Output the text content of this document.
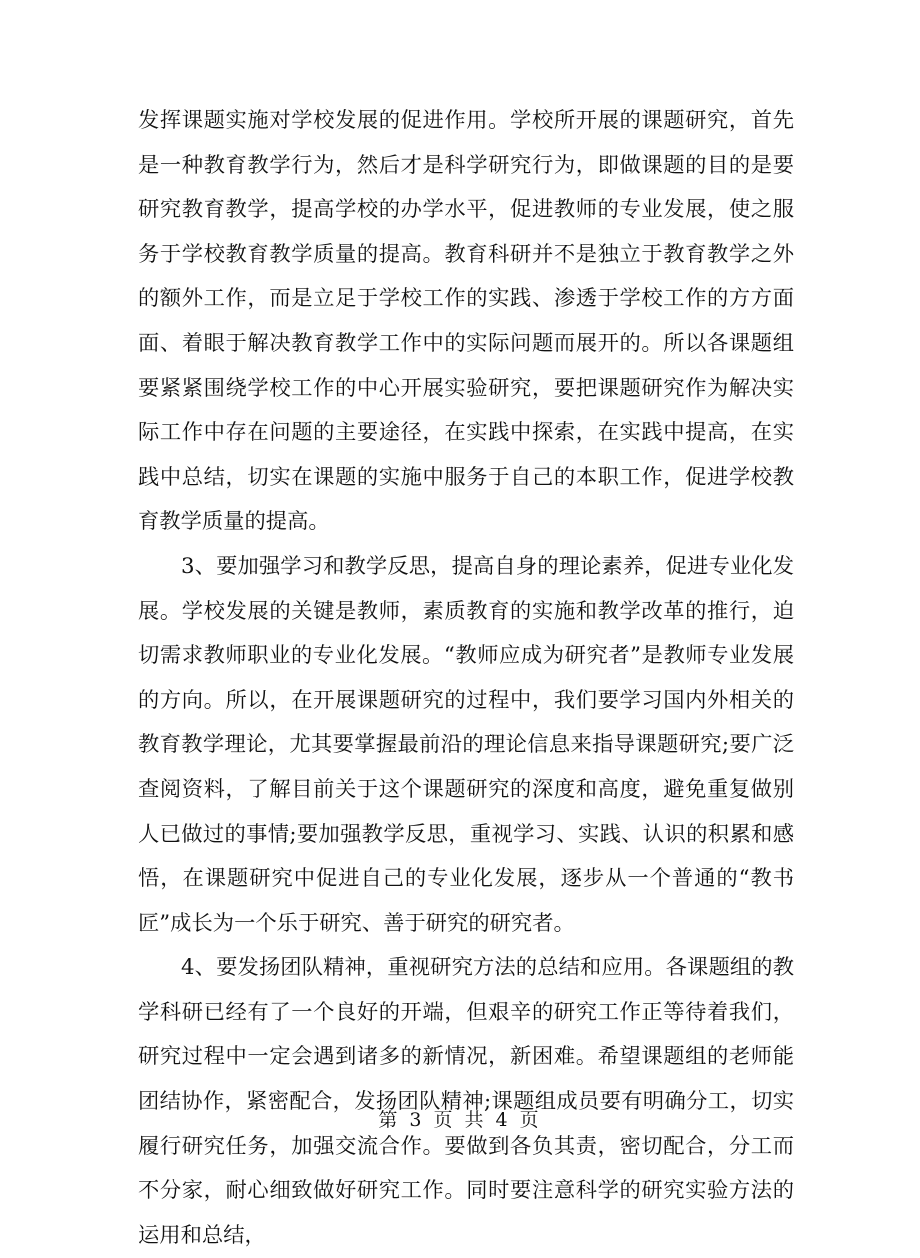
发挥课题实施对学校发展的促进作用。学校所开展的课题研究，首先是一种教育教学行为，然后才是科学研究行为，即做课题的目的是要研究教育教学，提高学校的办学水平，促进教师的专业发展，使之服务于学校教育教学质量的提高。教育科研并不是独立于教育教学之外的额外工作，而是立足于学校工作的实践、渗透于学校工作的方方面面、着眼于解决教育教学工作中的实际问题而展开的。所以各课题组要紧紧围绕学校工作的中心开展实验研究，要把课题研究作为解决实际工作中存在问题的主要途径，在实践中探索，在实践中提高，在实践中总结，切实在课题的实施中服务于自己的本职工作，促进学校教育教学质量的提高。

3、要加强学习和教学反思，提高自身的理论素养，促进专业化发展。学校发展的关键是教师，素质教育的实施和教学改革的推行，迫切需求教师职业的专业化发展。“教师应成为研究者”是教师专业发展的方向。所以，在开展课题研究的过程中，我们要学习国内外相关的教育教学理论，尤其要掌握最前沿的理论信息来指导课题研究;要广泛查阅资料，了解目前关于这个课题研究的深度和高度，避免重复做别人已做过的事情;要加强教学反思，重视学习、实践、认识的积累和感悟，在课题研究中促进自己的专业化发展，逐步从一个普通的“教书匠”成长为一个乐于研究、善于研究的研究者。

4、要发扬团队精神，重视研究方法的总结和应用。各课题组的教学科研已经有了一个良好的开端，但艰辛的研究工作正等待着我们，研究过程中一定会遇到诸多的新情况，新困难。希望课题组的老师能团结协作，紧密配合，发扬团队精神;课题组成员要有明确分工，切实履行研究任务，加强交流合作。要做到各负其责，密切配合，分工而不分家，耐心细致做好研究工作。同时要注意科学的研究实验方法的运用和总结，

第 3 页 共 4 页
